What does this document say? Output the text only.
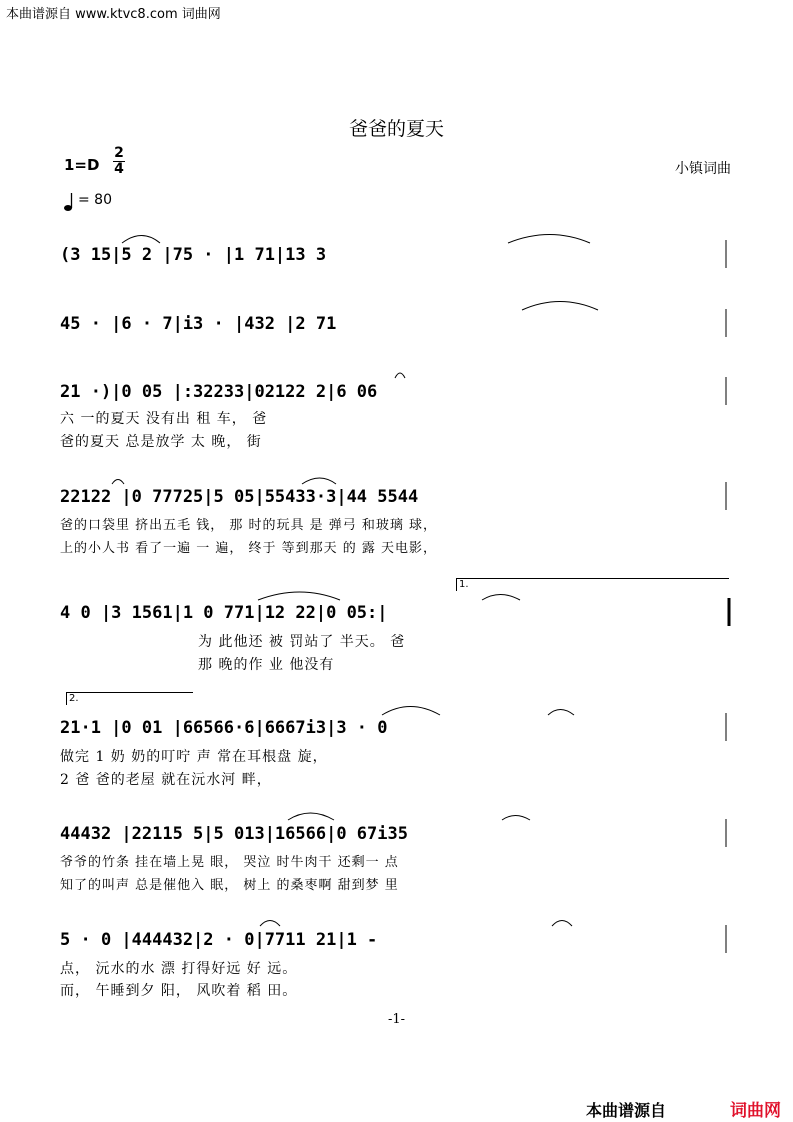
本曲谱源自 www.ktvc8.com 词曲网
爸爸的夏天
1=D
2
4	小镇词曲
= 80
(3 15|5 2 |75 · |1 71|13 3
45 · |6 · 7|i3 · |432 |2 71
21 ·)|0 05 |:32233|02122 2|6 06
六 一的夏天 没有出 租 车， 爸
爸的夏天 总是放学 太 晚， 街
22122 |0 77725|5 05|55433·3|44 5544
爸的口袋里 挤出五毛 钱， 那 时的玩具 是 弹弓 和玻璃 球，
上的小人书 看了一遍 一 遍， 终于 等到那天 的 露 天电影，
1.
4 0 |3 1561|1 0 771|12 22|0 05:|
为 此他还 被 罚站了 半天。 爸
那 晚的作 业 他没有
2.
21·1 |0 01 |66566·6|6667i3|3 · 0
做完 1 奶 奶的叮咛 声 常在耳根盘 旋，
2 爸 爸的老屋 就在沅水河 畔，
44432 |22115 5|5 013|16566|0 67i35
爷爷的竹条 挂在墙上晃 眼， 哭泣 时牛肉干 还剩一 点
知了的叫声 总是催他入 眠， 树上 的桑枣啊 甜到梦 里
5 · 0 |444432|2 · 0|7711 21|1 -
点， 沅水的水 漂 打得好远 好 远。
而， 午睡到夕 阳， 风吹着 稻 田。
-1-
本曲谱源自	词曲网
